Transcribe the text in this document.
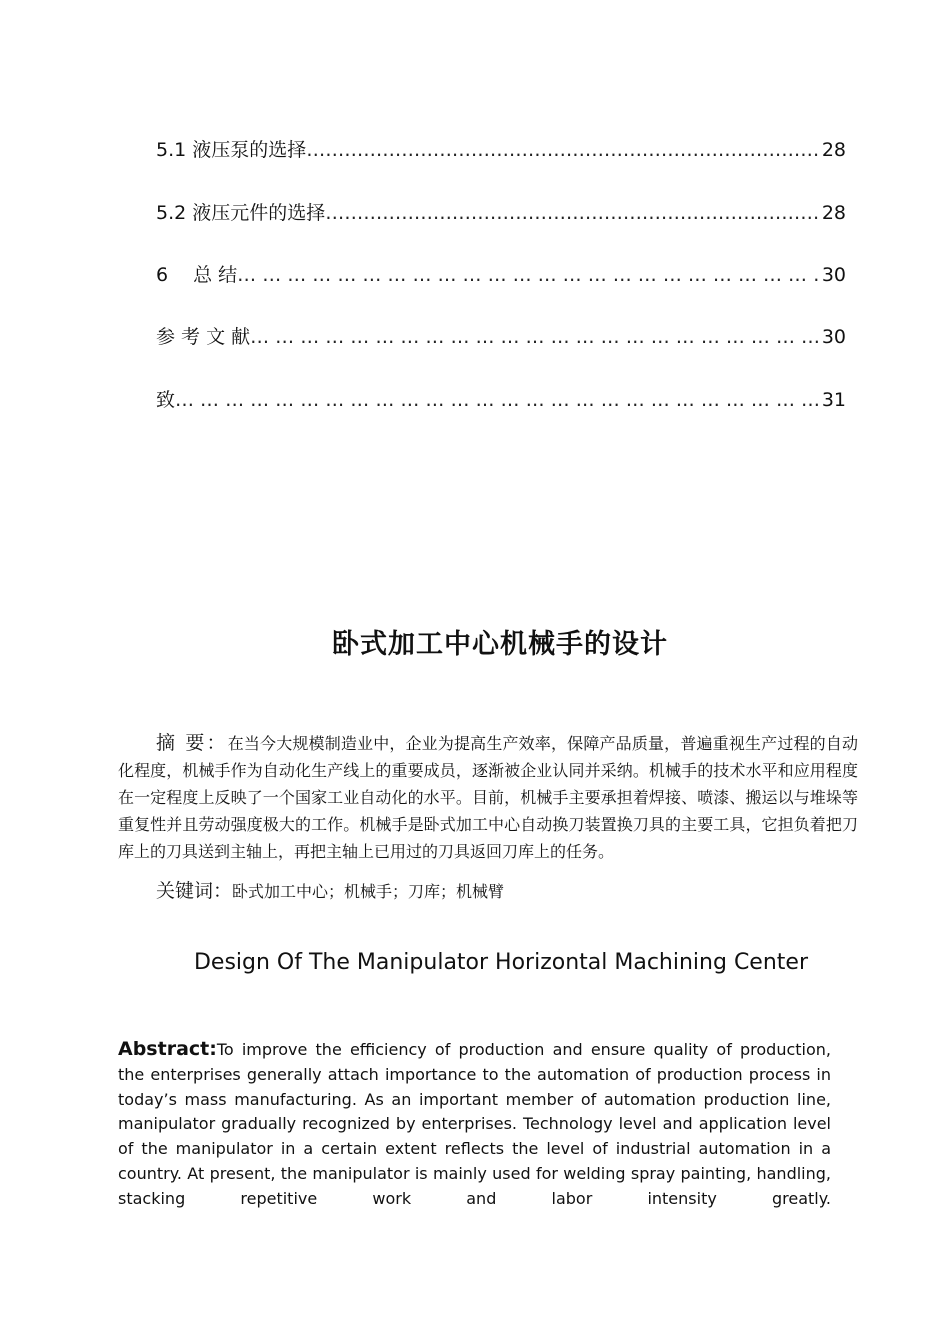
5.1 液压泵的选择 ………………………………………………………………………………………………………………………………………………………………	28
5.2 液压元件的选择 ………………………………………………………………………………………………………………………………………………………………	28
6　 总 结 … … … … … … … … … … … … … … … … … … … … … … … … … … … … … … … … … … … … … … … … … …	30
参 考 文 献 … … … … … … … … … … … … … … … … … … … … … … … … … … … … … … … … … … … … … … … … … …	30
致 … … … … … … … … … … … … … … … … … … … … … … … … … … … … … … … … … … … … … … … … … …	31
卧式加工中心机械手的设计

摘 要：在当今大规模制造业中，企业为提高生产效率，保障产品质量，普遍重视生产过程的自动化程度，机械手作为自动化生产线上的重要成员，逐渐被企业认同并采纳。机械手的技术水平和应用程度在一定程度上反映了一个国家工业自动化的水平。目前，机械手主要承担着焊接、喷漆、搬运以与堆垛等重复性并且劳动强度极大的工作。机械手是卧式加工中心自动换刀装置换刀具的主要工具，它担负着把刀库上的刀具送到主轴上，再把主轴上已用过的刀具返回刀库上的任务。

关键词：卧式加工中心；机械手；刀库；机械臂
Design Of The Manipulator Horizontal Machining Center
Abstract:To improve the efficiency of production and ensure quality of production, the enterprises generally attach importance to the automation of production process in today’s mass manufacturing. As an important member of automation production line, manipulator gradually recognized by enterprises. Technology level and application level of the manipulator in a certain extent reflects the level of industrial automation in a country. At present, the manipulator is mainly used for welding spray painting, handling, stacking repetitive work and labor intensity greatly.
